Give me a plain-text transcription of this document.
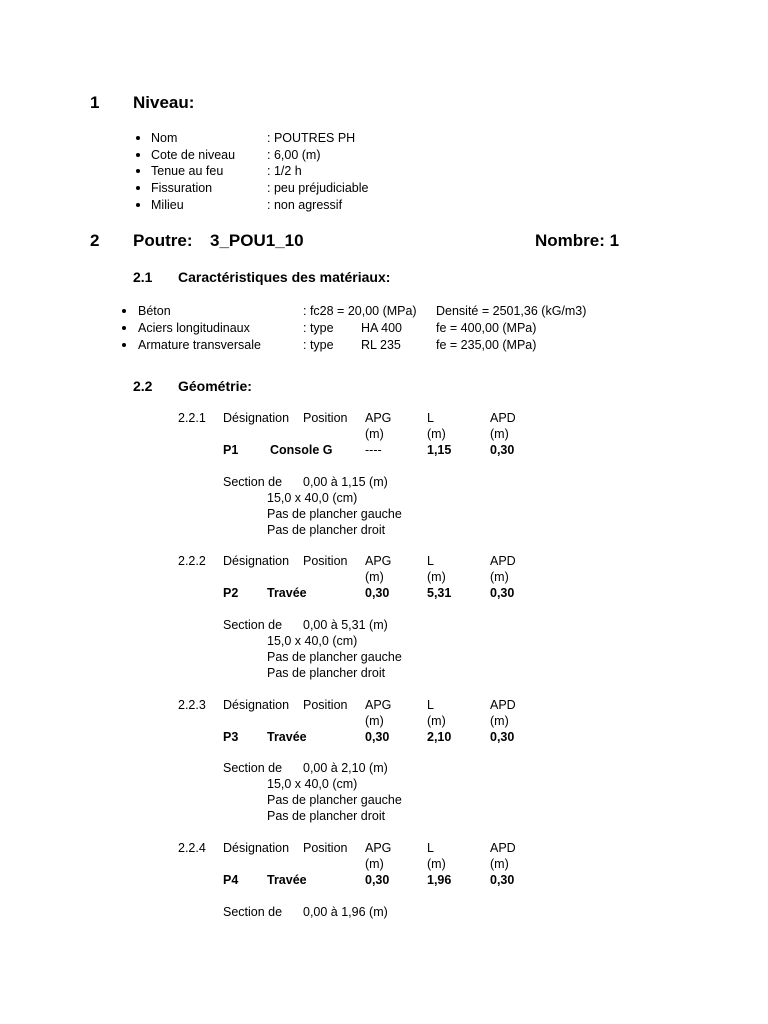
1 Niveau:
Nom	: POUTRES PH
Cote de niveau	: 6,00 (m)
Tenue au feu	: 1/2 h
Fissuration	: peu préjudiciable
Milieu	: non agressif
2 Poutre: 3_POU1_10	Nombre: 1
2.1 Caractéristiques des matériaux:
Béton	: fc28 = 20,00 (MPa) Densité = 2501,36 (kG/m3)
Aciers longitudinaux	: type HA 400	fe = 400,00 (MPa)
Armature transversale	: type RL 235	fe = 235,00 (MPa)
2.2 Géométrie:
2.2.1 Désignation Position APG	L	APD
(m)	(m)	(m)
P1	Console G	----	1,15	0,30
Section de 0,00 à 1,15 (m)
15,0 x 40,0 (cm)
Pas de plancher gauche
Pas de plancher droit
2.2.2 Désignation Position APG	L	APD
(m)	(m)	(m)
P2 Travée	0,30	5,31	0,30
Section de 0,00 à 5,31 (m)
15,0 x 40,0 (cm)
Pas de plancher gauche
Pas de plancher droit
2.2.3 Désignation Position APG	L	APD
(m)	(m)	(m)
P3 Travée	0,30	2,10	0,30
Section de 0,00 à 2,10 (m)
15,0 x 40,0 (cm)
Pas de plancher gauche
Pas de plancher droit
2.2.4 Désignation Position APG	L	APD
(m)	(m)	(m)
P4 Travée	0,30	1,96	0,30
Section de 0,00 à 1,96 (m)
